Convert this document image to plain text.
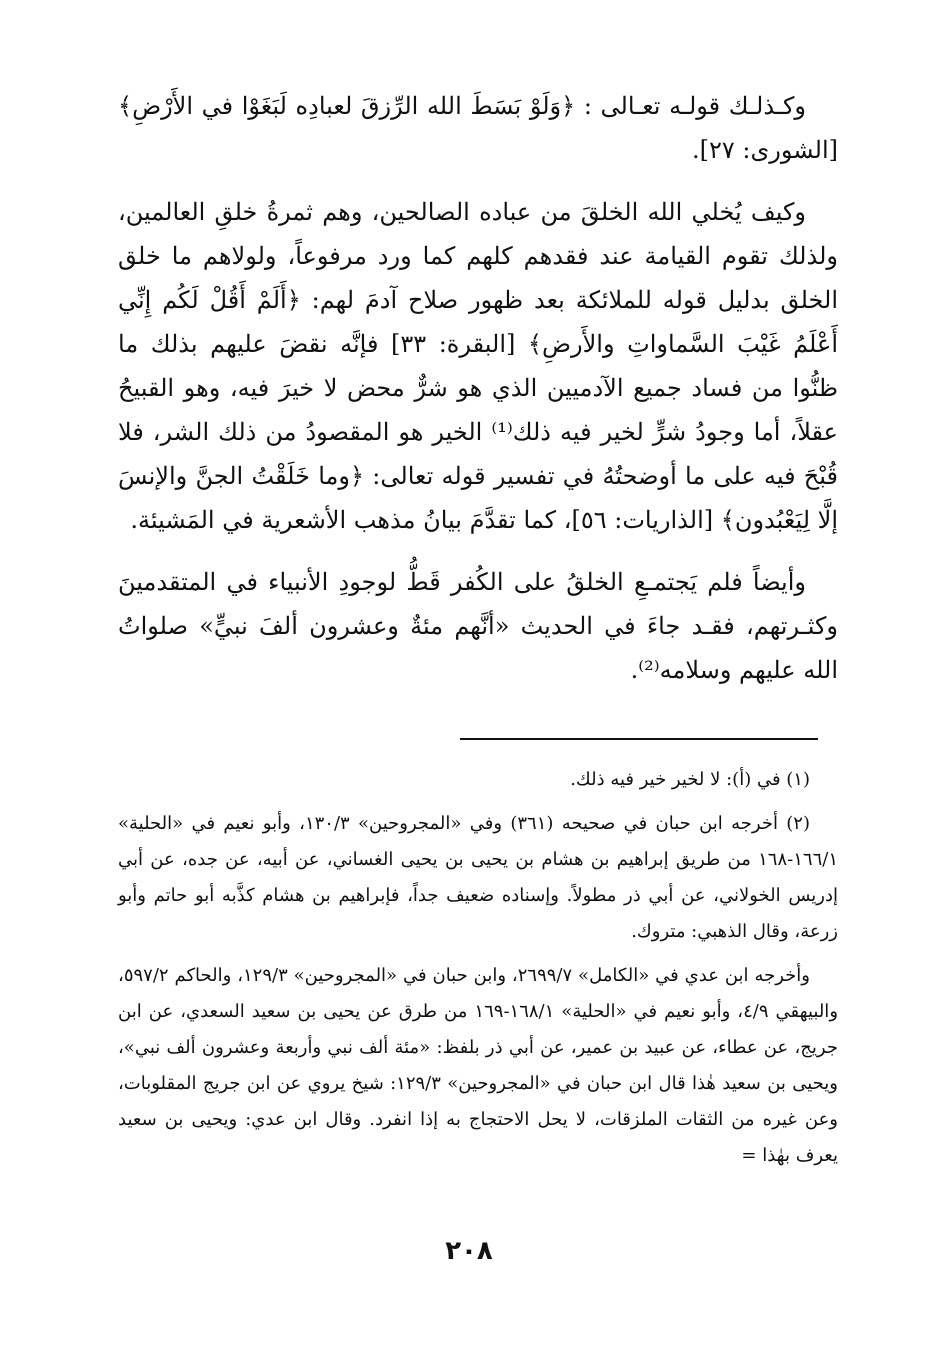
وكـذلـك قولـه تعـالى : ﴿وَلَوْ بَسَطَ الله الرِّزقَ لعبادِه لَبَغَوْا في الأَرْضِ﴾ [الشورى: ٢٧].

وكيف يُخلي الله الخلقَ من عباده الصالحين، وهم ثمرةُ خلقِ العالمين، ولذلك تقوم القيامة عند فقدهم كلهم كما ورد مرفوعاً، ولولاهم ما خلق الخلق بدليل قوله للملائكة بعد ظهور صلاح آدمَ لهم: ﴿أَلَمْ أَقُلْ لَكُم إِنِّي أَعْلَمُ غَيْبَ السَّماواتِ والأَرضِ﴾ [البقرة: ٣٣] فإنَّه نقضَ عليهم بذلك ما ظنُّوا من فساد جميع الآدميين الذي هو شرٌّ محض لا خيرَ فيه، وهو القبيحُ عقلاً، أما وجودُ شرٍّ لخير فيه ذلك⁽¹⁾ الخير هو المقصودُ من ذلك الشر، فلا قُبْحَ فيه على ما أوضحتُهُ في تفسير قوله تعالى: ﴿وما خَلَقْتُ الجنَّ والإنسَ إلَّا لِيَعْبُدون﴾ [الذاريات: ٥٦]، كما تقدَّمَ بيانُ مذهب الأشعرية في المَشيئة.

وأيضاً فلم يَجتمـعِ الخلقُ على الكُفر قَطُّ لوجودِ الأنبياء في المتقدمينَ وكثـرتهم، فقـد جاءَ في الحديث «أنَّهم مئةٌ وعشرون ألفَ نبيٍّ» صلواتُ الله عليهم وسلامه⁽²⁾.

(١) في (أ): لا لخير خير فيه ذلك.

(٢) أخرجه ابن حبان في صحيحه (٣٦١) وفي «المجروحين» ١٣٠/٣، وأبو نعيم في «الحلية» ١٦٦/١-١٦٨ من طريق إبراهيم بن هشام بن يحيى بن يحيى الغساني، عن أبيه، عن جده، عن أبي إدريس الخولاني، عن أبي ذر مطولاً. وإسناده ضعيف جداً، فإبراهيم بن هشام كذَّبه أبو حاتم وأبو زرعة، وقال الذهبي: متروك.

وأخرجه ابن عدي في «الكامل» ٢٦٩٩/٧، وابن حبان في «المجروحين» ١٢٩/٣، والحاكم ٥٩٧/٢، والبيهقي ٤/٩، وأبو نعيم في «الحلية» ١٦٨/١-١٦٩ من طرق عن يحيى بن سعيد السعدي، عن ابن جريج، عن عطاء، عن عبيد بن عمير، عن أبي ذر بلفظ: «مئة ألف نبي وأربعة وعشرون ألف نبي»، ويحيى بن سعيد هٰذا قال ابن حبان في «المجروحين» ١٢٩/٣: شيخ يروي عن ابن جريج المقلوبات، وعن غيره من الثقات الملزقات، لا يحل الاحتجاج به إذا انفرد. وقال ابن عدي: ويحيى بن سعيد يعرف بهٰذا =

٢٠٨
